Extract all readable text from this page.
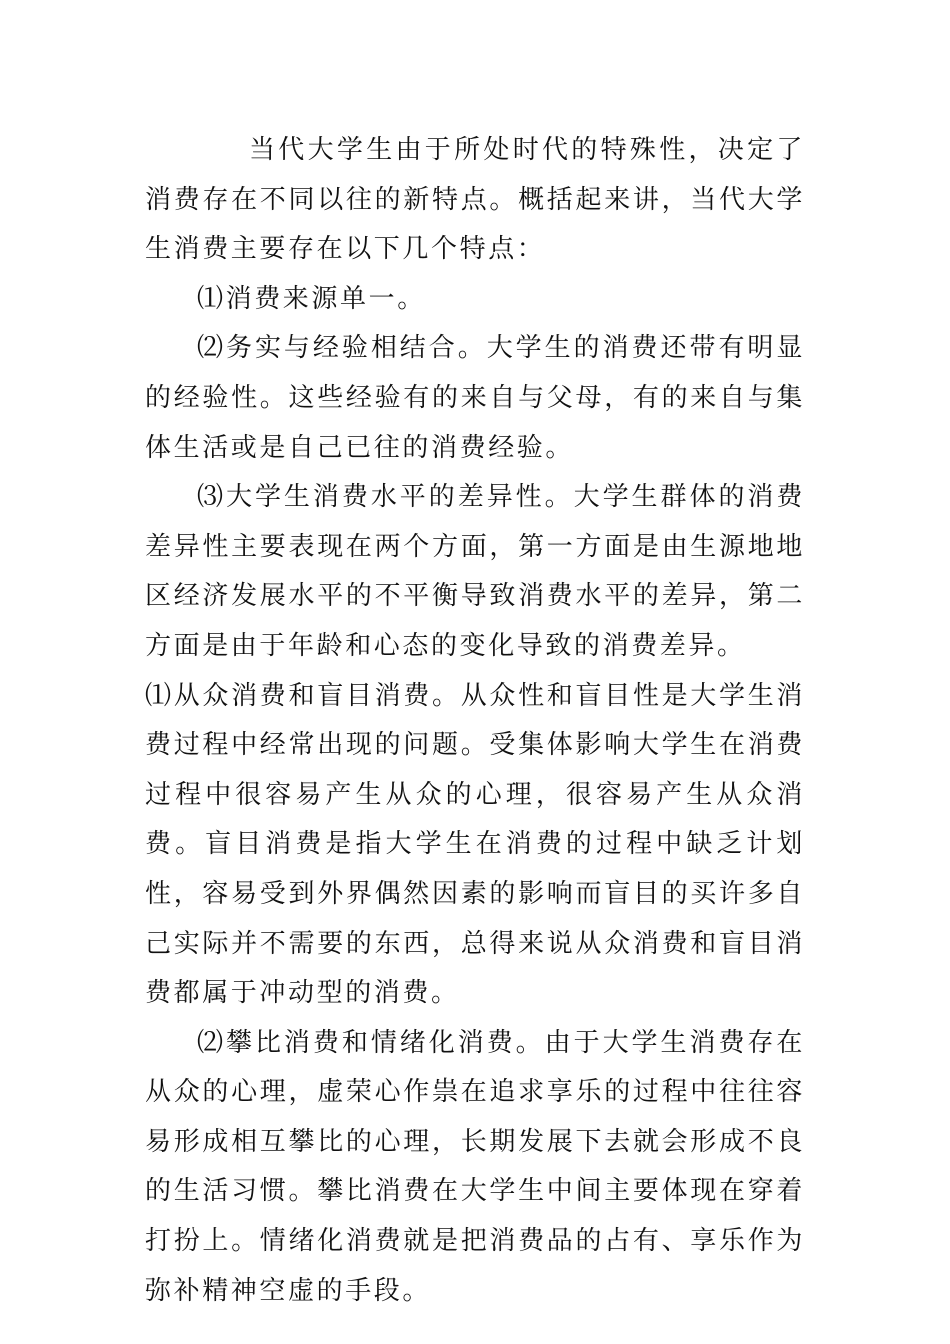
当代大学生由于所处时代的特殊性，决定了消费存在不同以往的新特点。概括起来讲，当代大学生消费主要存在以下几个特点：

⑴消费来源单一。

⑵务实与经验相结合。大学生的消费还带有明显的经验性。这些经验有的来自与父母，有的来自与集体生活或是自己已往的消费经验。

⑶大学生消费水平的差异性。大学生群体的消费差异性主要表现在两个方面，第一方面是由生源地地区经济发展水平的不平衡导致消费水平的差异，第二方面是由于年龄和心态的变化导致的消费差异。

⑴从众消费和盲目消费。从众性和盲目性是大学生消费过程中经常出现的问题。受集体影响大学生在消费过程中很容易产生从众的心理，很容易产生从众消费。盲目消费是指大学生在消费的过程中缺乏计划性，容易受到外界偶然因素的影响而盲目的买许多自己实际并不需要的东西，总得来说从众消费和盲目消费都属于冲动型的消费。

⑵攀比消费和情绪化消费。由于大学生消费存在从众的心理，虚荣心作祟在追求享乐的过程中往往容易形成相互攀比的心理，长期发展下去就会形成不良的生活习惯。攀比消费在大学生中间主要体现在穿着打扮上。情绪化消费就是把消费品的占有、享乐作为弥补精神空虚的手段。
